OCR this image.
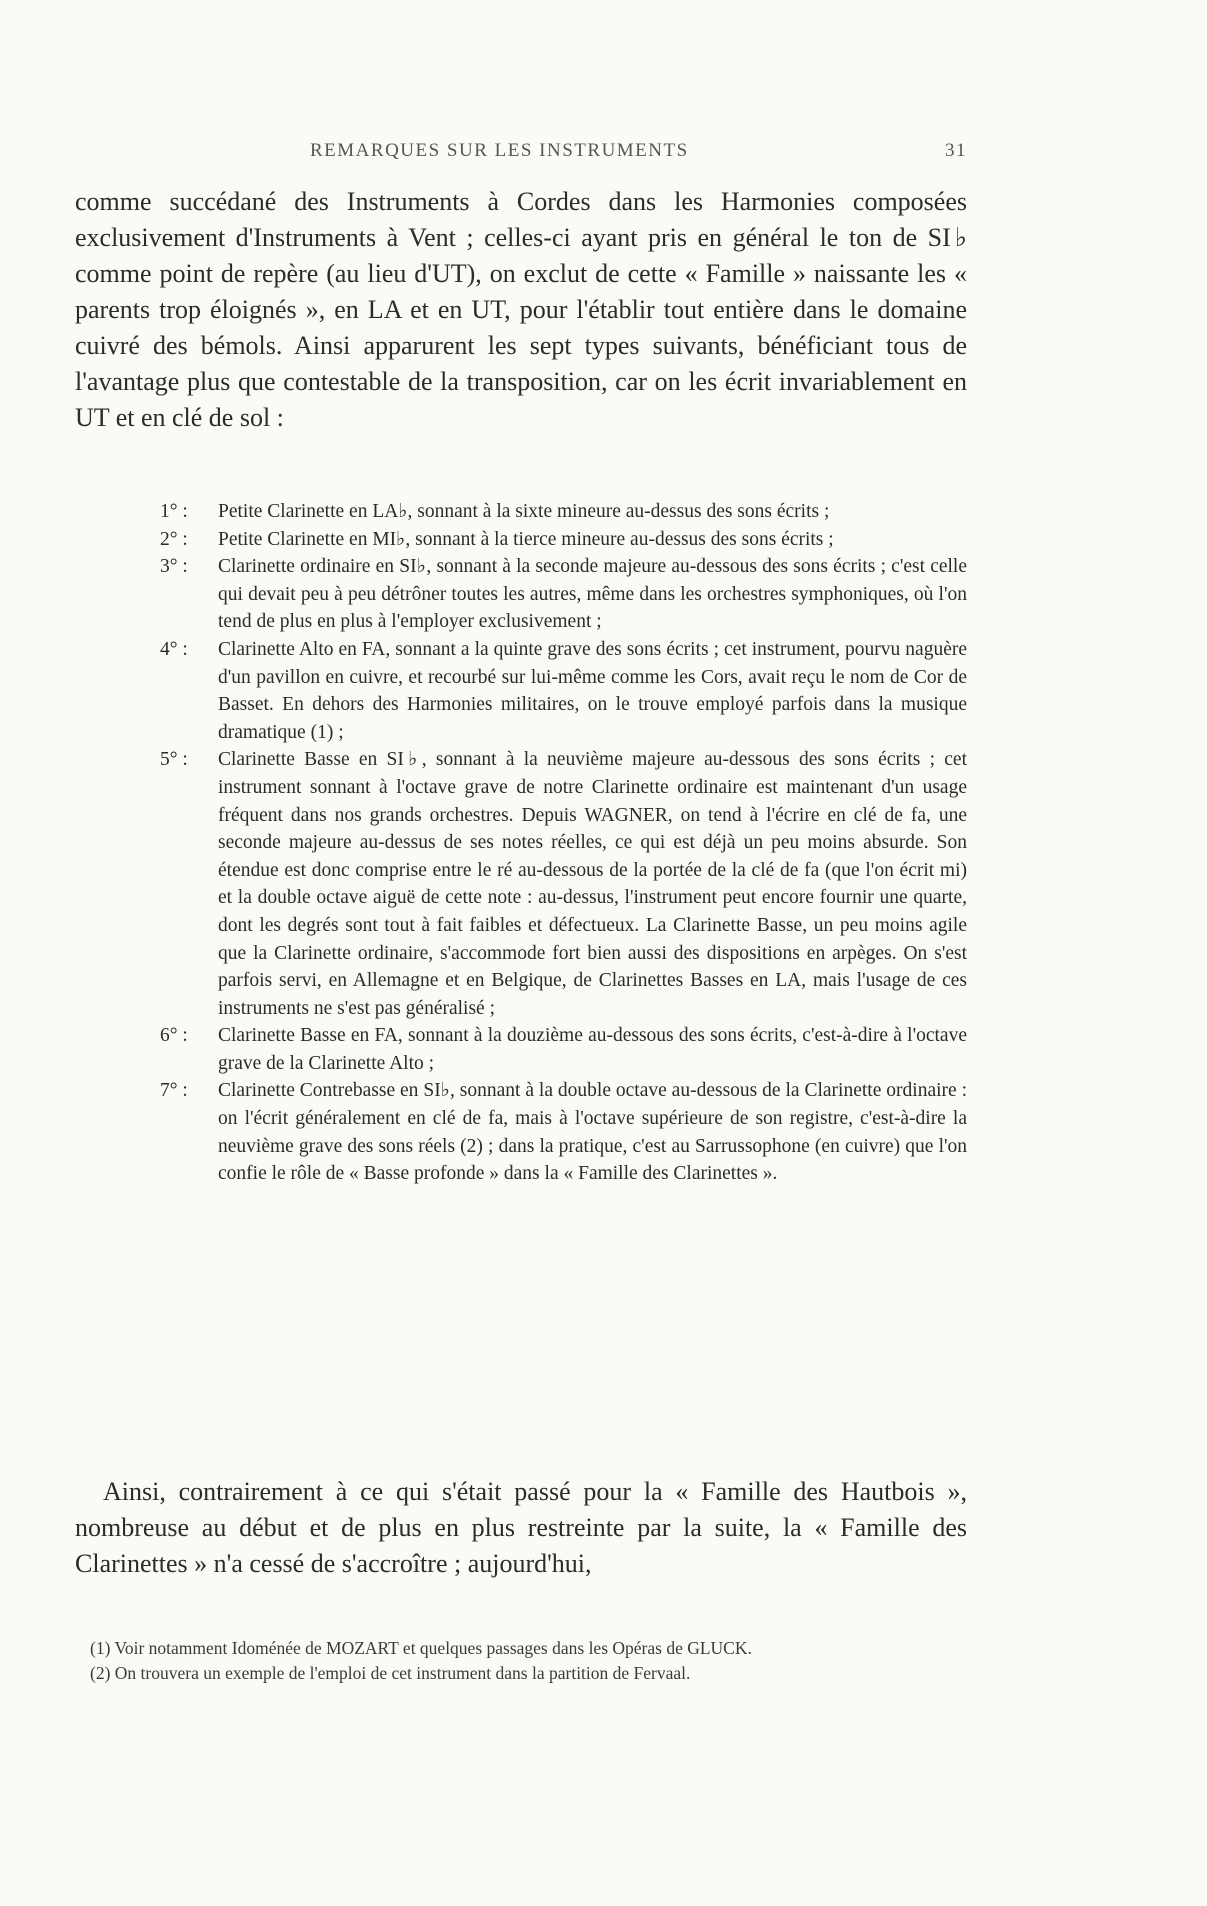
REMARQUES SUR LES INSTRUMENTS	31

comme succédané des Instruments à Cordes dans les Harmonies composées exclusivement d'Instruments à Vent ; celles-ci ayant pris en général le ton de SI♭ comme point de repère (au lieu d'UT), on exclut de cette « Famille » naissante les « parents trop éloignés », en LA et en UT, pour l'établir tout entière dans le domaine cuivré des bémols. Ainsi apparurent les sept types suivants, bénéficiant tous de l'avantage plus que contestable de la transposition, car on les écrit invariablement en UT et en clé de sol :

1° :	Petite Clarinette en LA♭, sonnant à la sixte mineure au-dessus des sons écrits ;

2° :	Petite Clarinette en MI♭, sonnant à la tierce mineure au-dessus des sons écrits ;

3° :	Clarinette ordinaire en SI♭, sonnant à la seconde majeure au-dessous des sons écrits ; c'est celle qui devait peu à peu détrôner toutes les autres, même dans les orchestres symphoniques, où l'on tend de plus en plus à l'employer exclusivement ;

4° :	Clarinette Alto en FA, sonnant a la quinte grave des sons écrits ; cet instrument, pourvu naguère d'un pavillon en cuivre, et recourbé sur lui-même comme les Cors, avait reçu le nom de Cor de Basset. En dehors des Harmonies militaires, on le trouve employé parfois dans la musique dramatique (1) ;

5° :	Clarinette Basse en SI♭, sonnant à la neuvième majeure au-dessous des sons écrits ; cet instrument sonnant à l'octave grave de notre Clarinette ordinaire est maintenant d'un usage fréquent dans nos grands orchestres. Depuis WAGNER, on tend à l'écrire en clé de fa, une seconde majeure au-dessus de ses notes réelles, ce qui est déjà un peu moins absurde. Son étendue est donc comprise entre le ré au-dessous de la portée de la clé de fa (que l'on écrit mi) et la double octave aiguë de cette note : au-dessus, l'instrument peut encore fournir une quarte, dont les degrés sont tout à fait faibles et défectueux. La Clarinette Basse, un peu moins agile que la Clarinette ordinaire, s'accommode fort bien aussi des dispositions en arpèges. On s'est parfois servi, en Allemagne et en Belgique, de Clarinettes Basses en LA, mais l'usage de ces instruments ne s'est pas généralisé ;

6° :	Clarinette Basse en FA, sonnant à la douzième au-dessous des sons écrits, c'est-à-dire à l'octave grave de la Clarinette Alto ;

7° :	Clarinette Contrebasse en SI♭, sonnant à la double octave au-dessous de la Clarinette ordinaire : on l'écrit généralement en clé de fa, mais à l'octave supérieure de son registre, c'est-à-dire la neuvième grave des sons réels (2) ; dans la pratique, c'est au Sarrussophone (en cuivre) que l'on confie le rôle de « Basse profonde » dans la « Famille des Clarinettes ».

Ainsi, contrairement à ce qui s'était passé pour la « Famille des Hautbois », nombreuse au début et de plus en plus restreinte par la suite, la « Famille des Clarinettes » n'a cessé de s'accroître ; aujourd'hui,

(1) Voir notamment Idoménée de MOZART et quelques passages dans les Opéras de GLUCK.

(2) On trouvera un exemple de l'emploi de cet instrument dans la partition de Fervaal.
